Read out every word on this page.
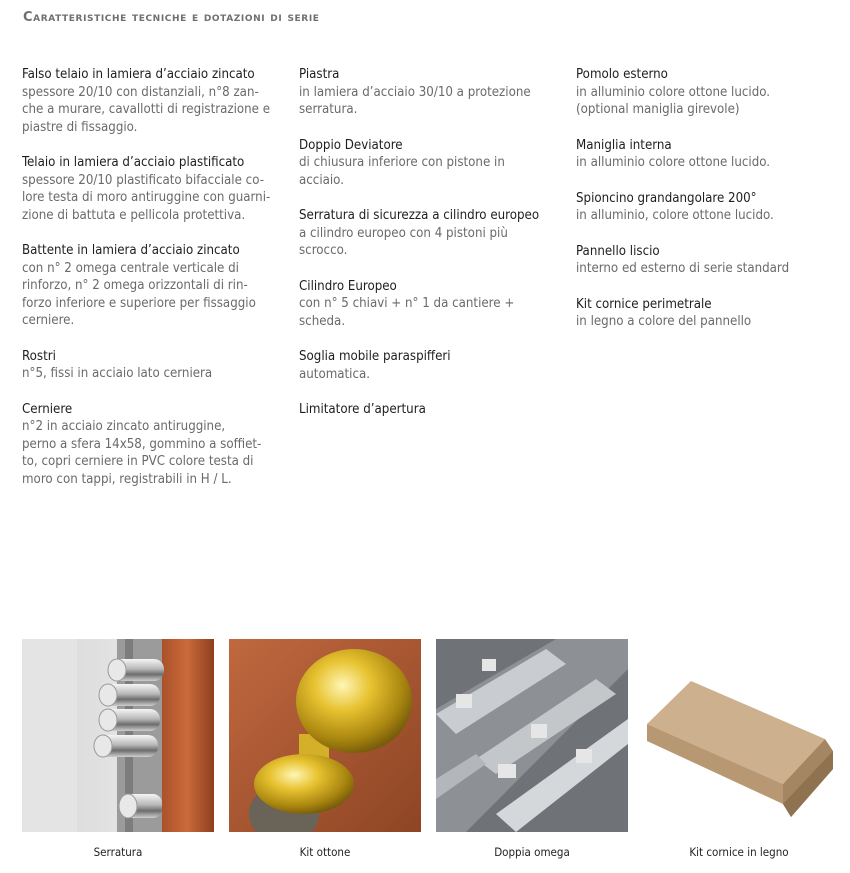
Caratteristiche tecniche e dotazioni di serie
Falso telaio in lamiera d’acciaio zincato
spessore 20/10 con distanziali, n°8 zan-
che a murare, cavallotti di registrazione e
piastre di fissaggio.
Telaio in lamiera d’acciaio plastificato
spessore 20/10 plastificato bifacciale co-
lore testa di moro antiruggine con guarni-
zione di battuta e pellicola protettiva.
Battente in lamiera d’acciaio zincato
con n° 2 omega centrale verticale di
rinforzo, n° 2 omega orizzontali di rin-
forzo inferiore e superiore per fissaggio
cerniere.
Rostri
n°5, fissi in acciaio lato cerniera
Cerniere
n°2 in acciaio zincato antiruggine,
perno a sfera 14x58, gommino a soffiet-
to, copri cerniere in PVC colore testa di
moro con tappi, registrabili in H / L.
Piastra
in lamiera d’acciaio 30/10 a protezione
serratura.
Doppio Deviatore
di chiusura inferiore con pistone in
acciaio.
Serratura di sicurezza a cilindro europeo
a cilindro europeo con 4 pistoni più
scrocco.
Cilindro Europeo
con n° 5 chiavi + n° 1 da cantiere +
scheda.
Soglia mobile paraspifferi
automatica.
Limitatore d’apertura
Pomolo esterno
in alluminio colore ottone lucido.
(optional maniglia girevole)
Maniglia interna
in alluminio colore ottone lucido.
Spioncino grandangolare 200°
in alluminio, colore ottone lucido.
Pannello liscio
interno ed esterno di serie standard
Kit cornice perimetrale
in legno a colore del pannello
Serratura	Kit ottone	Doppia omega	Kit cornice in legno
